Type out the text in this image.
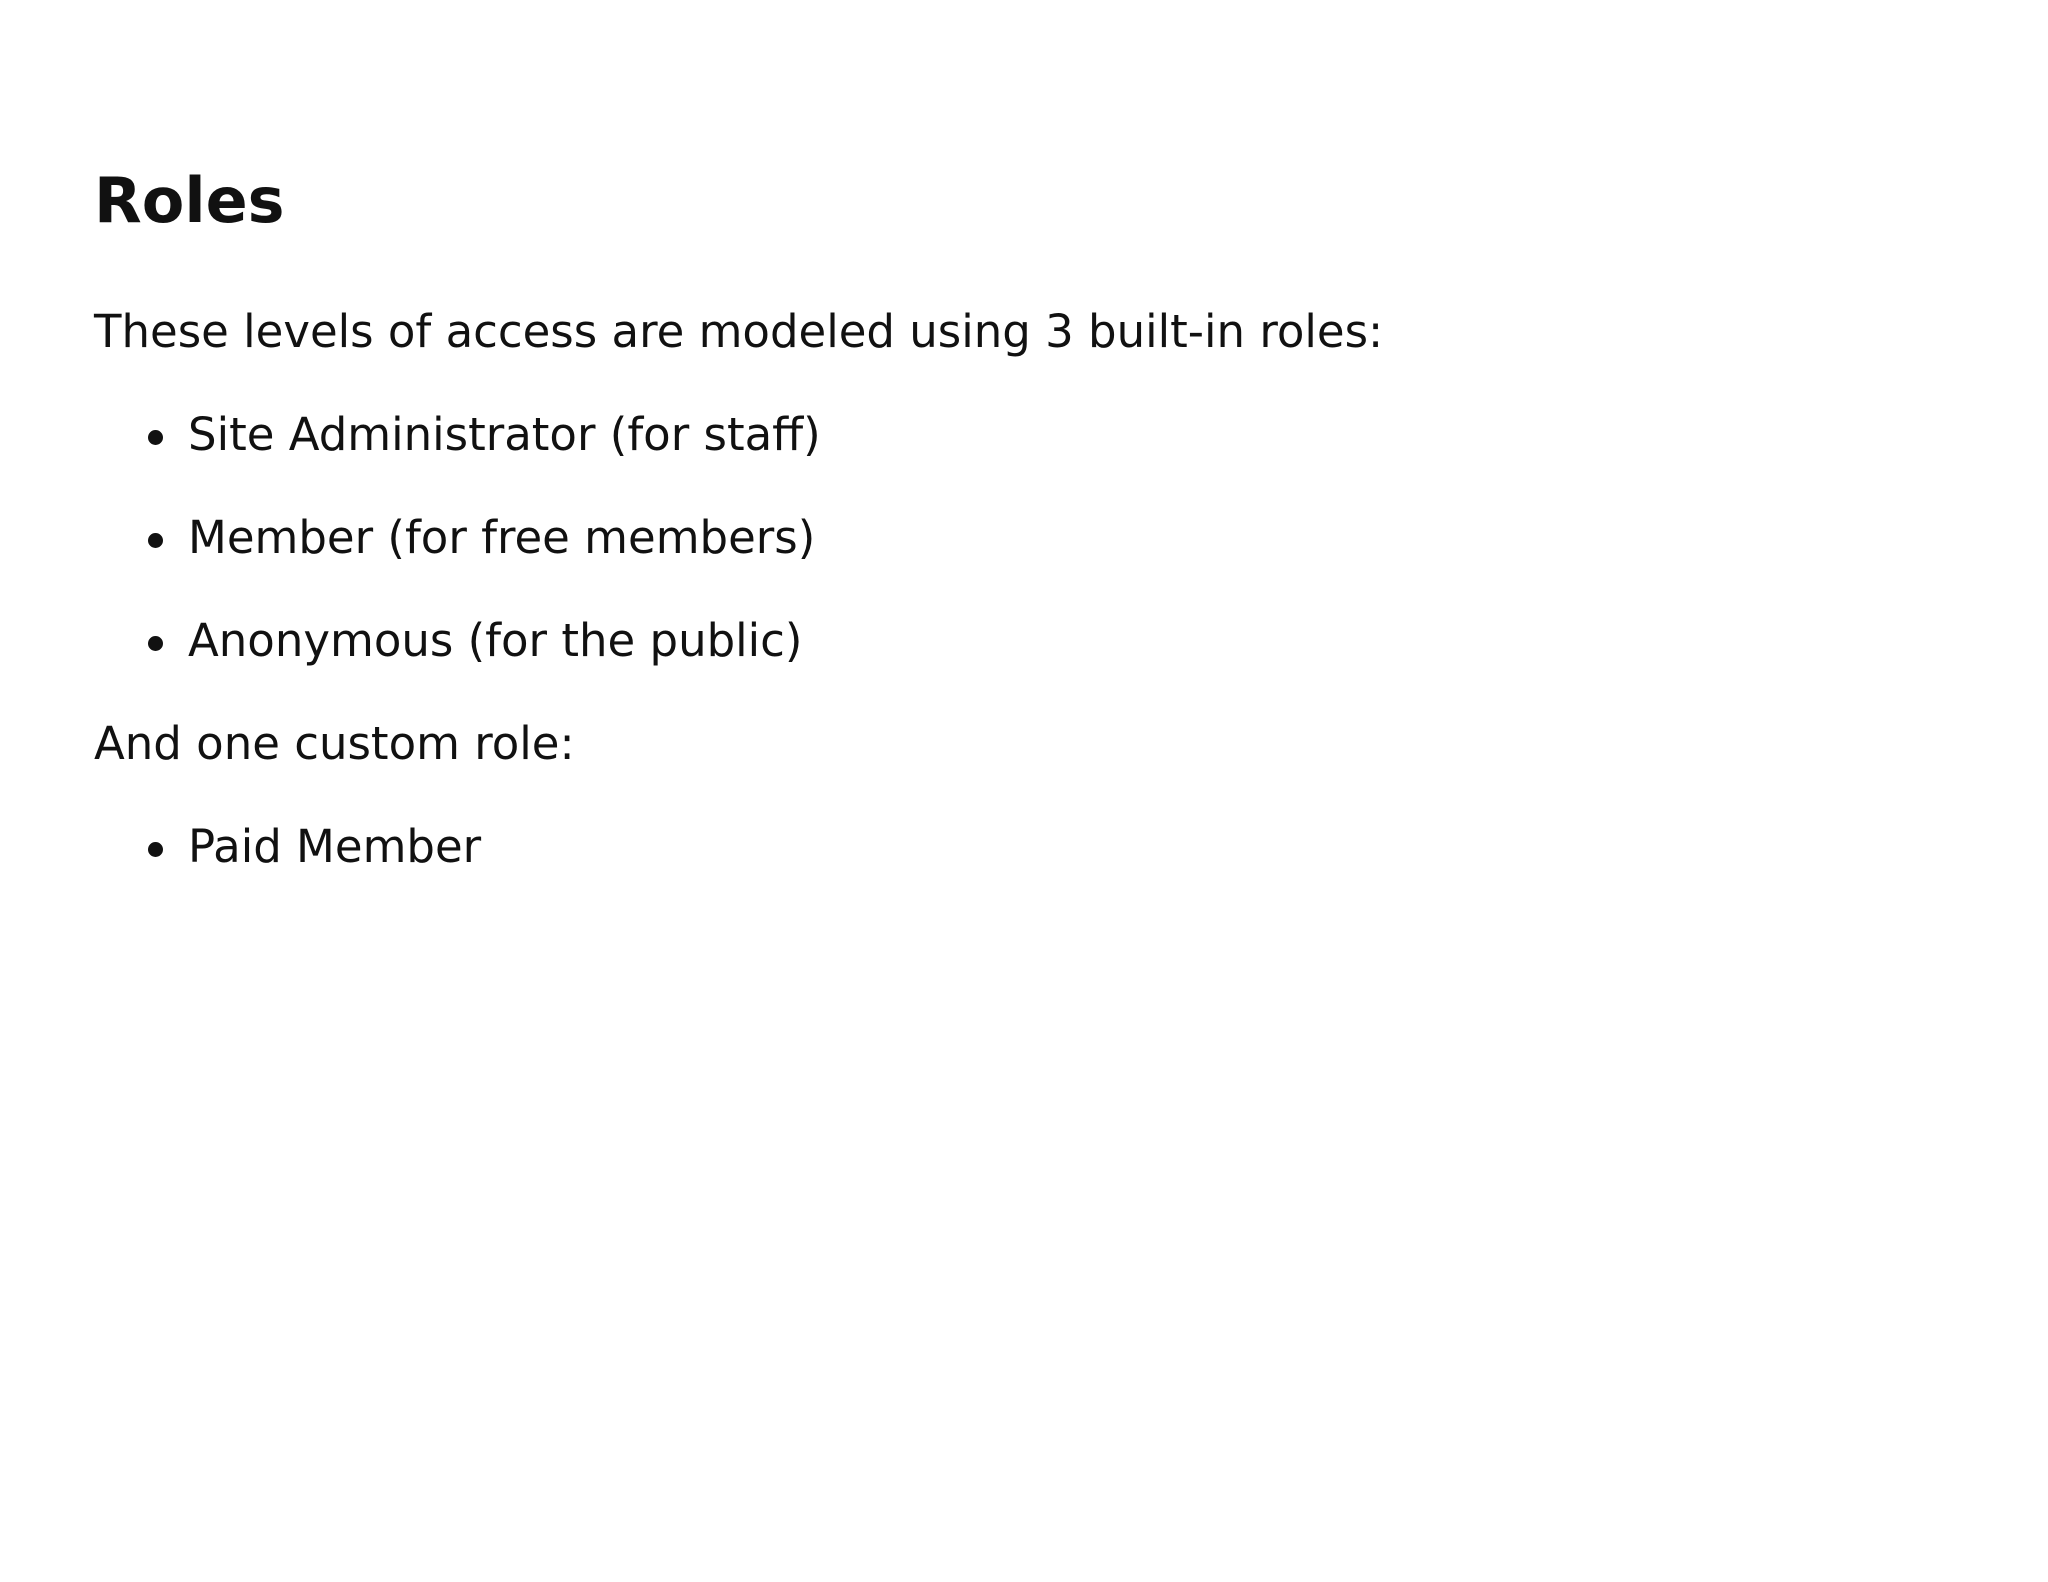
Roles

These levels of access are modeled using 3 built-in roles:

Site Administrator (for staff)
Member (for free members)
Anonymous (for the public)

And one custom role:

Paid Member
